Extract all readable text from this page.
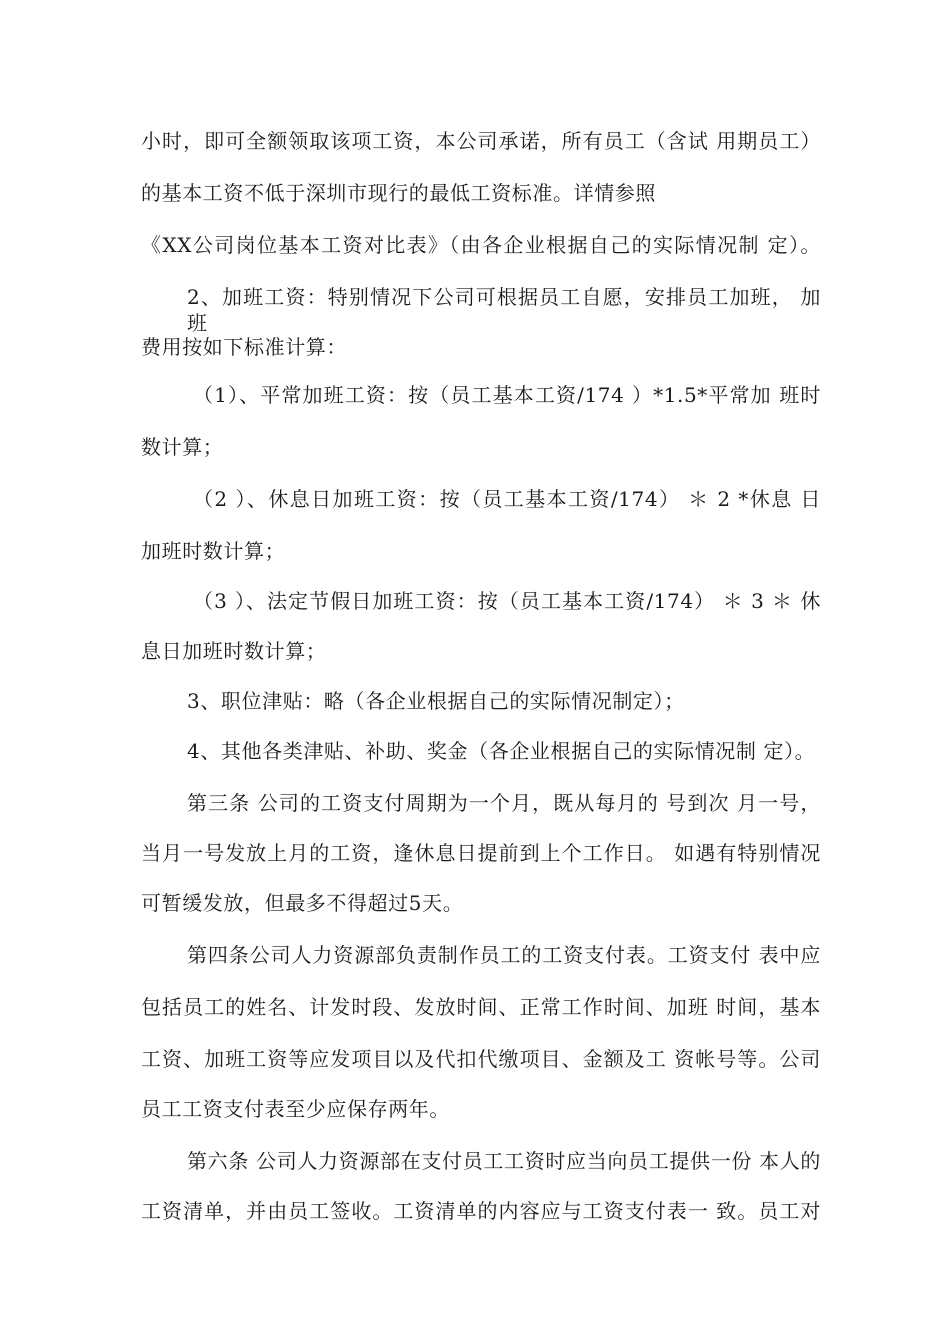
小时，即可全额领取该项工资，本公司承诺，所有员工（含试 用期员工）
的基本工资不低于深圳市现行的最低工资标准。详情参照
《XX公司岗位基本工资对比表》（由各企业根据自己的实际情况制 定）。
2、加班工资：特别情况下公司可根据员工自愿，安排员工加班， 加班
费用按如下标准计算：
（1）、平常加班工资：按（员工基本工资/174 ）*1.5*平常加 班时
数计算；
（2 ）、休息日加班工资：按（员工基本工资/174） ＊ 2 *休息 日
加班时数计算；
（3 ）、法定节假日加班工资：按（员工基本工资/174） ＊ 3 ＊ 休
息日加班时数计算；
3、职位津贴：略（各企业根据自己的实际情况制定）；
4、其他各类津贴、补助、奖金（各企业根据自己的实际情况制 定）。
第三条 公司的工资支付周期为一个月，既从每月的 号到次 月一号，
当月一号发放上月的工资，逢休息日提前到上个工作日。 如遇有特别情况
可暂缓发放，但最多不得超过5天。
第四条公司人力资源部负责制作员工的工资支付表。工资支付 表中应
包括员工的姓名、计发时段、发放时间、正常工作时间、加班 时间，基本
工资、加班工资等应发项目以及代扣代缴项目、金额及工 资帐号等。公司
员工工资支付表至少应保存两年。
第六条 公司人力资源部在支付员工工资时应当向员工提供一份 本人的
工资清单，并由员工签收。工资清单的内容应与工资支付表一 致。员工对
